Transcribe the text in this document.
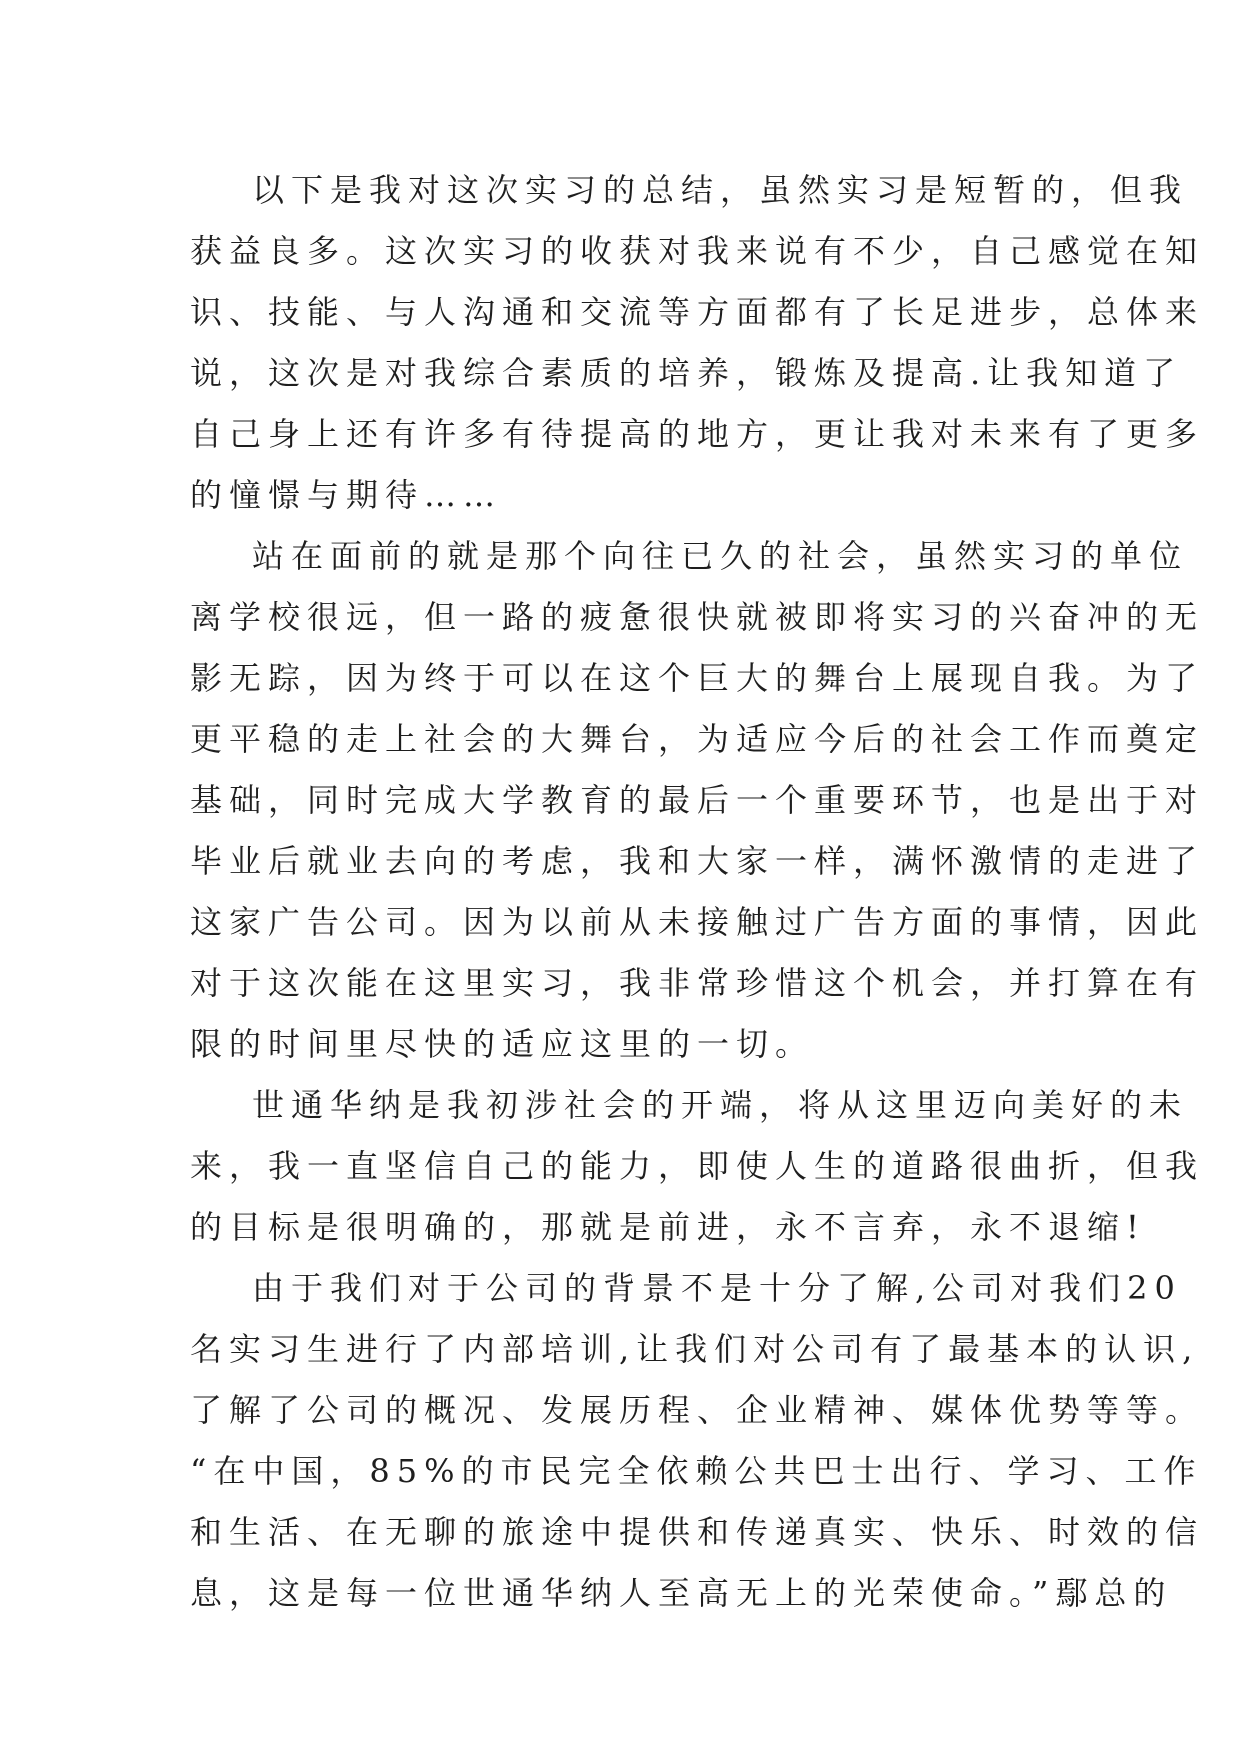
以下是我对这次实习的总结，虽然实习是短暂的，但我
获益良多。这次实习的收获对我来说有不少，自己感觉在知
识、技能、与人沟通和交流等方面都有了长足进步，总体来
说，这次是对我综合素质的培养，锻炼及提高.让我知道了
自己身上还有许多有待提高的地方，更让我对未来有了更多
的憧憬与期待……
站在面前的就是那个向往已久的社会，虽然实习的单位
离学校很远，但一路的疲惫很快就被即将实习的兴奋冲的无
影无踪，因为终于可以在这个巨大的舞台上展现自我。为了
更平稳的走上社会的大舞台，为适应今后的社会工作而奠定
基础，同时完成大学教育的最后一个重要环节，也是出于对
毕业后就业去向的考虑，我和大家一样，满怀激情的走进了
这家广告公司。因为以前从未接触过广告方面的事情，因此
对于这次能在这里实习，我非常珍惜这个机会，并打算在有
限的时间里尽快的适应这里的一切。
世通华纳是我初涉社会的开端，将从这里迈向美好的未
来，我一直坚信自己的能力，即使人生的道路很曲折，但我
的目标是很明确的，那就是前进，永不言弃，永不退缩!
由于我们对于公司的背景不是十分了解,公司对我们20
名实习生进行了内部培训,让我们对公司有了最基本的认识,
了解了公司的概况、发展历程、企业精神、媒体优势等等。
“在中国，85%的市民完全依赖公共巴士出行、学习、工作
和生活、在无聊的旅途中提供和传递真实、快乐、时效的信
息，这是每一位世通华纳人至高无上的光荣使命。”鄢总的
